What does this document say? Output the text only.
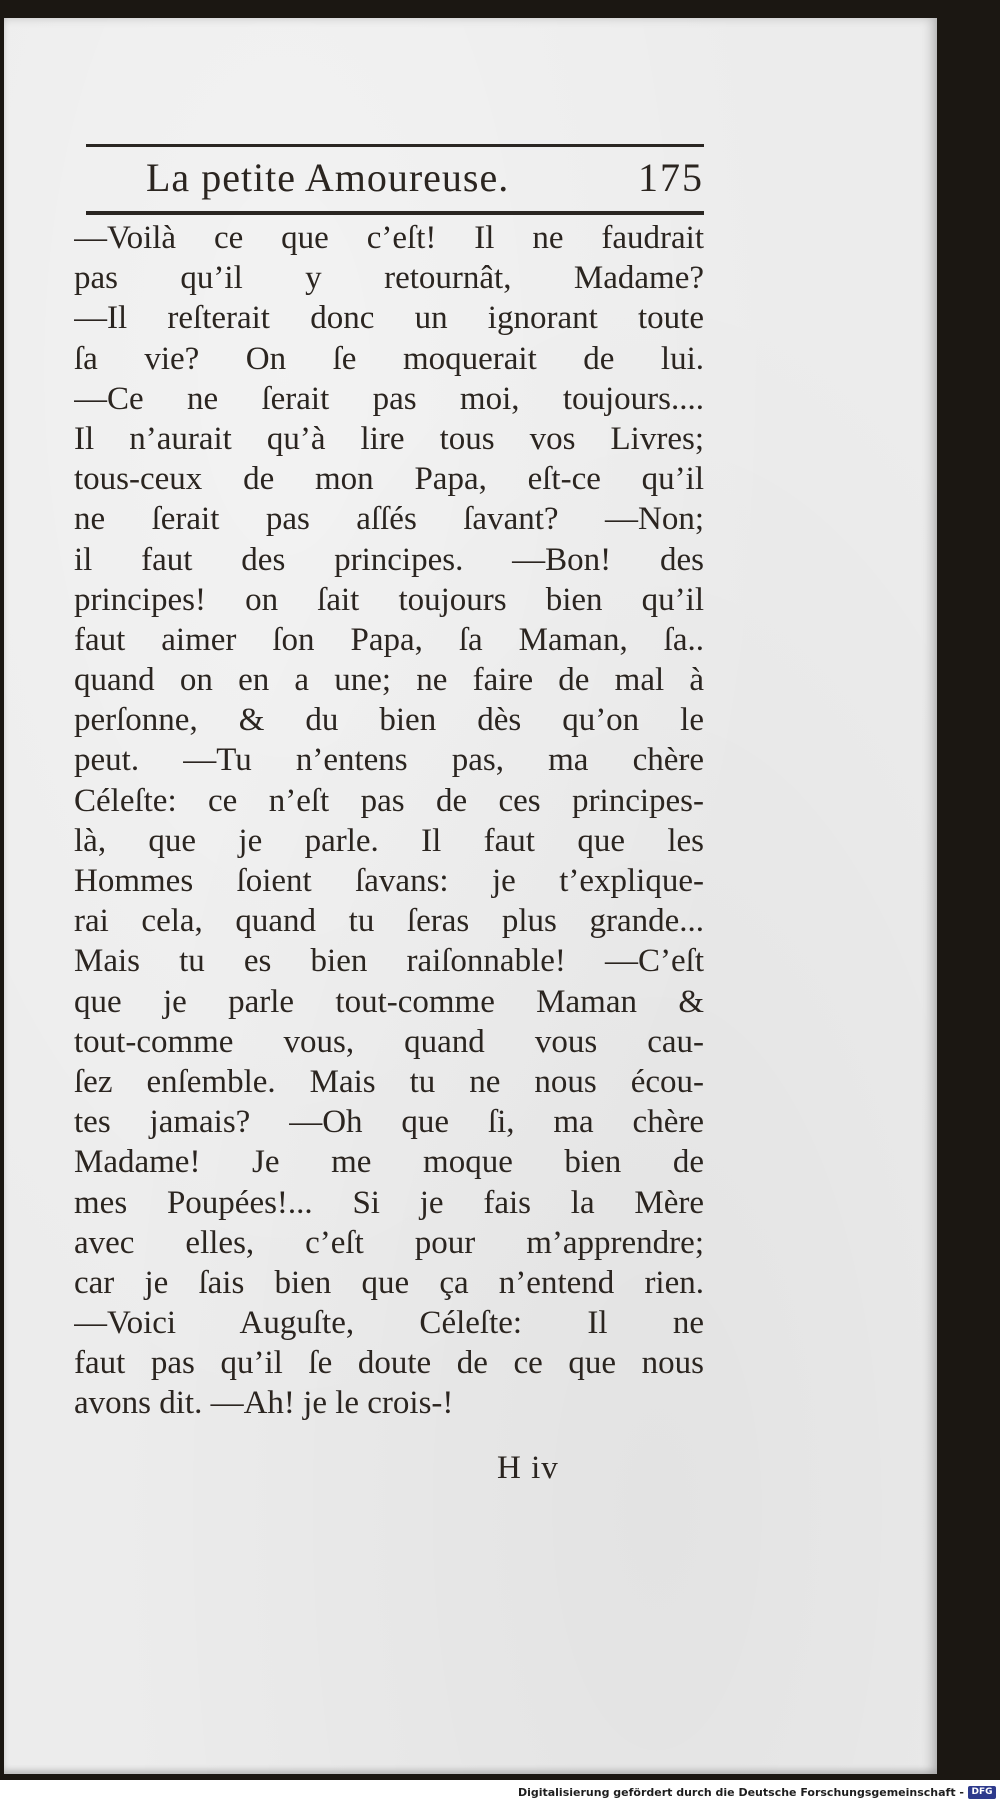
La petite Amoureuse.	175
—Voilà ce que c’eſt! Il ne faudrait
pas qu’il y retournât, Madame?
—Il reſterait donc un ignorant toute
ſa vie? On ſe moquerait de lui.
—Ce ne ſerait pas moi, toujours....
Il n’aurait qu’à lire tous vos Livres;
tous-ceux de mon Papa, eſt-ce qu’il
ne ſerait pas aſſés ſavant? —Non;
il faut des principes. —Bon! des
principes! on ſait toujours bien qu’il
faut aimer ſon Papa, ſa Maman, ſa..
quand on en a une; ne faire de mal à
perſonne, & du bien dès qu’on le
peut. —Tu n’entens pas, ma chère
Céleſte: ce n’eſt pas de ces principes-
là, que je parle. Il faut que les
Hommes ſoient ſavans: je t’explique-
rai cela, quand tu ſeras plus grande...
Mais tu es bien raiſonnable! —C’eſt
que je parle tout-comme Maman &
tout-comme vous, quand vous cau-
ſez enſemble. Mais tu ne nous écou-
tes jamais? —Oh que ſi, ma chère
Madame! Je me moque bien de
mes Poupées!... Si je fais la Mère
avec elles, c’eſt pour m’apprendre;
car je ſais bien que ça n’entend rien.
—Voici Auguſte, Céleſte: Il ne
faut pas qu’il ſe doute de ce que nous
avons dit. —Ah! je le crois-!
H iv
Digitalisierung gefördert durch die Deutsche Forschungsgemeinschaft - DFG
